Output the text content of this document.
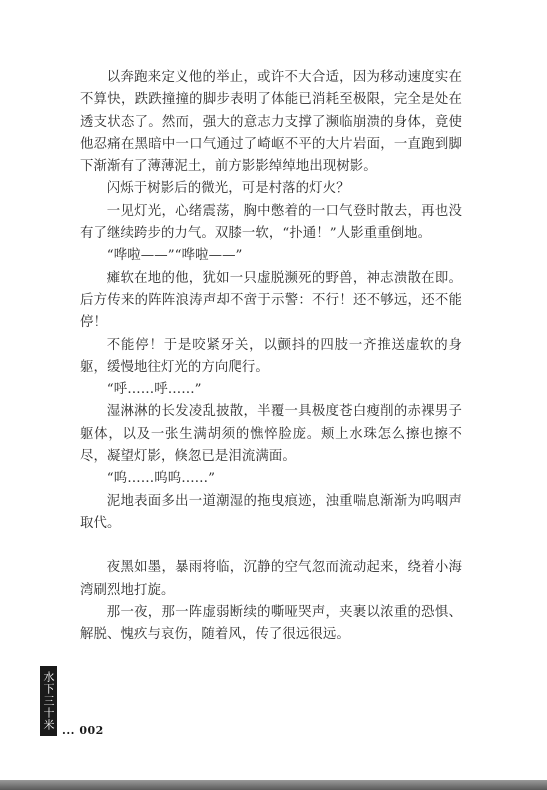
以奔跑来定义他的举止，或许不大合适，因为移动速度实在不算快，跌跌撞撞的脚步表明了体能已消耗至极限，完全是处在透支状态了。然而，强大的意志力支撑了濒临崩溃的身体，竟使他忍痛在黑暗中一口气通过了崎岖不平的大片岩面，一直跑到脚下渐渐有了薄薄泥土，前方影影绰绰地出现树影。

闪烁于树影后的微光，可是村落的灯火？

一见灯光，心绪震荡，胸中憋着的一口气登时散去，再也没有了继续跨步的力气。双膝一软，“扑通！”人影重重倒地。

“哗啦——”“哗啦——”

瘫软在地的他，犹如一只虚脱濒死的野兽，神志溃散在即。后方传来的阵阵浪涛声却不啻于示警：不行！还不够远，还不能停！

不能停！于是咬紧牙关，以颤抖的四肢一齐推送虚软的身躯，缓慢地往灯光的方向爬行。

“呼……呼……”

湿淋淋的长发凌乱披散，半覆一具极度苍白瘦削的赤裸男子躯体，以及一张生满胡须的憔悴脸庞。颊上水珠怎么擦也擦不尽，凝望灯影，倏忽已是泪流满面。

“呜……呜呜……”

泥地表面多出一道潮湿的拖曳痕迹，浊重喘息渐渐为呜咽声取代。

夜黑如墨，暴雨将临，沉静的空气忽而流动起来，绕着小海湾刷烈地打旋。

那一夜，那一阵虚弱断续的嘶哑哭声，夹裹以浓重的恐惧、解脱、愧疚与哀伤，随着风，传了很远很远。

水下三十米 ... 002
